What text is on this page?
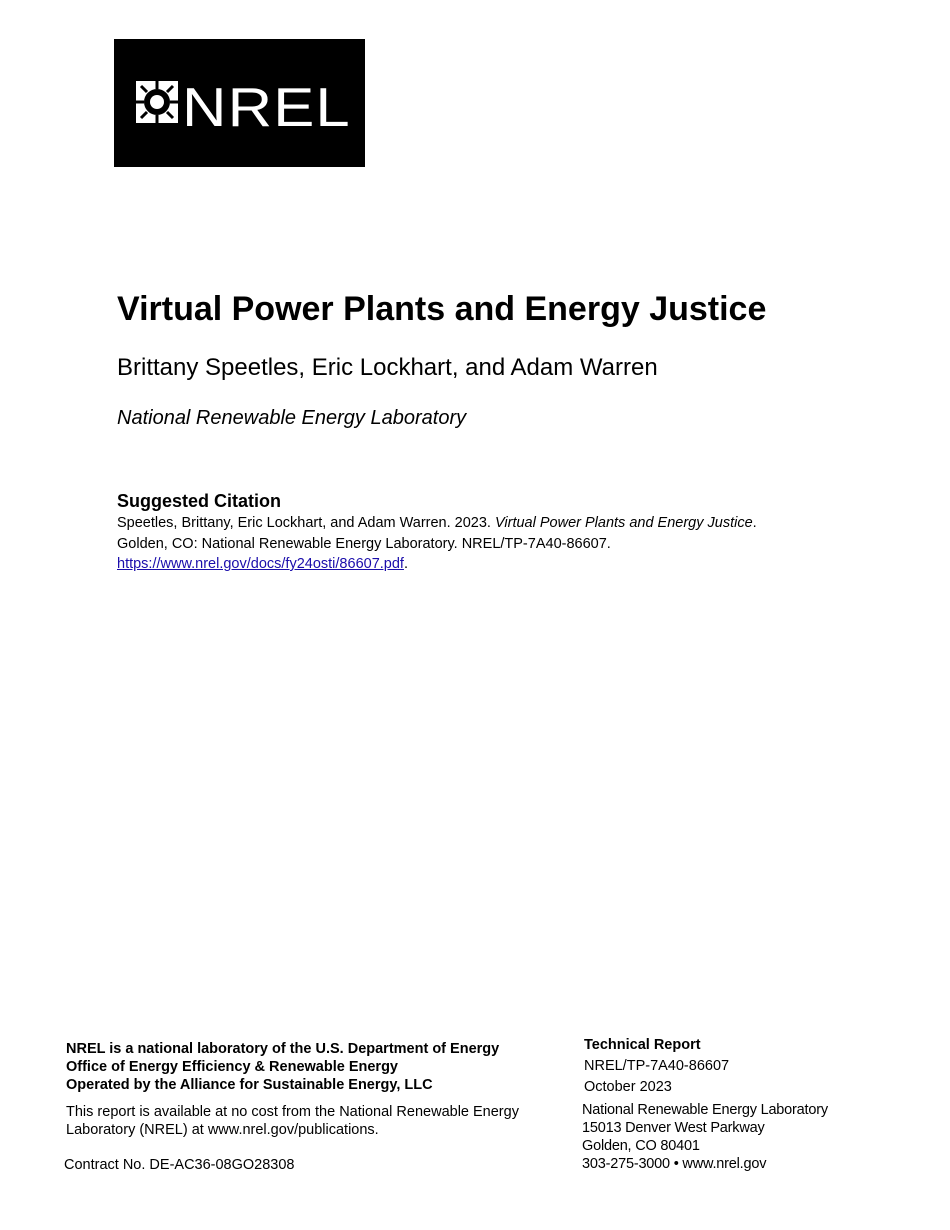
NREL
Virtual Power Plants and Energy Justice
Brittany Speetles, Eric Lockhart, and Adam Warren
National Renewable Energy Laboratory
Suggested Citation
Speetles, Brittany, Eric Lockhart, and Adam Warren. 2023. Virtual Power Plants and Energy Justice. Golden, CO: National Renewable Energy Laboratory. NREL/TP-7A40-86607. https://www.nrel.gov/docs/fy24osti/86607.pdf.
NREL is a national laboratory of the U.S. Department of Energy
Office of Energy Efficiency & Renewable Energy
Operated by the Alliance for Sustainable Energy, LLC
This report is available at no cost from the National Renewable Energy Laboratory (NREL) at www.nrel.gov/publications.
Contract No. DE-AC36-08GO28308
Technical Report
NREL/TP-7A40-86607
October 2023
National Renewable Energy Laboratory
15013 Denver West Parkway
Golden, CO 80401
303-275-3000 • www.nrel.gov
